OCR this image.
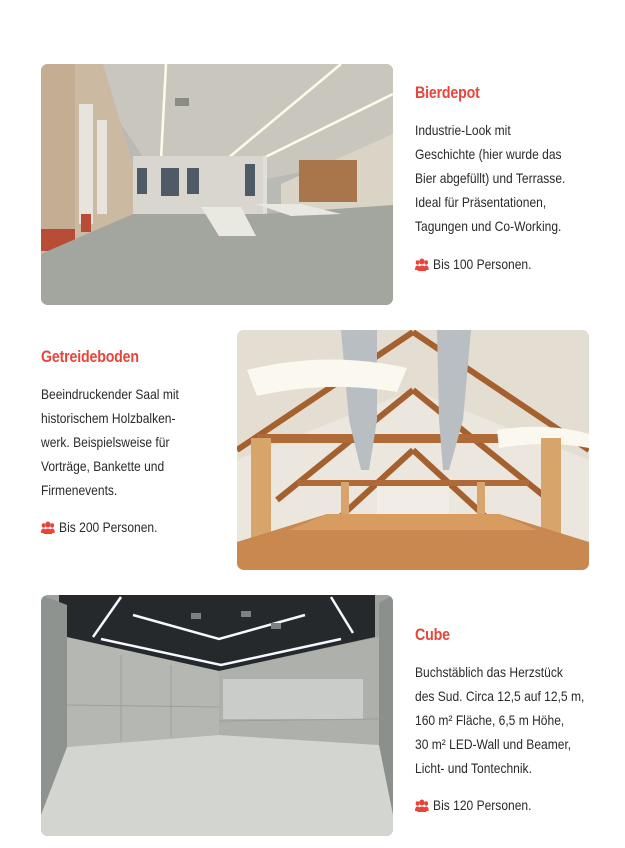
Bierdepot

Industrie-Look mit
Geschichte (hier wurde das
Bier abgefüllt) und Terrasse.
Ideal für Präsentationen,
Tagungen und Co-Working.

Bis 100 Personen.
Getreideboden

Beeindruckender Saal mit
historischem Holzbalken-
werk. Beispielsweise für
Vorträge, Bankette und
Firmenevents.

Bis 200 Personen.
Cube

Buchstäblich das Herzstück
des Sud. Circa 12,5 auf 12,5 m,
160 m² Fläche, 6,5 m Höhe,
30 m² LED-Wall und Beamer,
Licht- und Tontechnik.

Bis 120 Personen.
